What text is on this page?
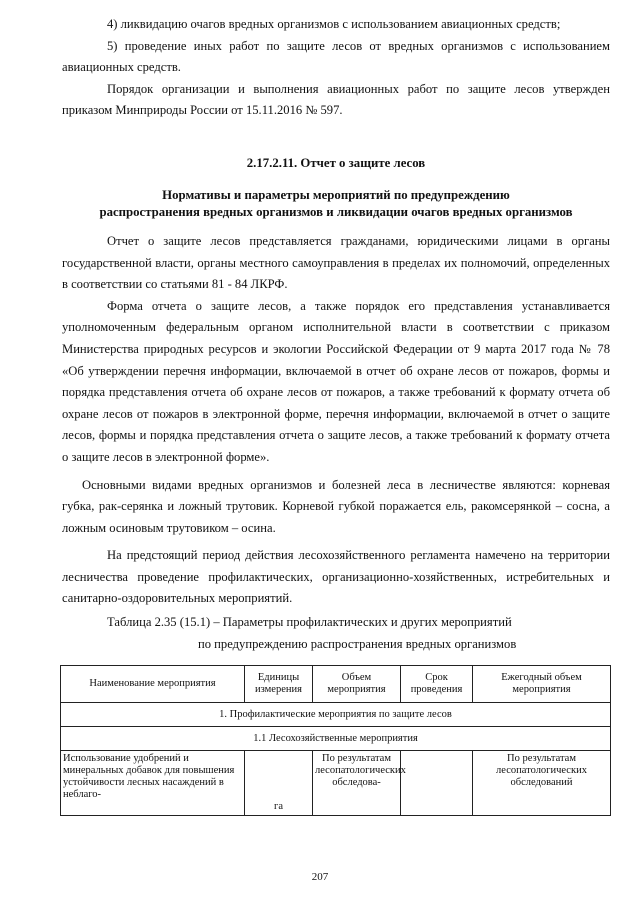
4) ликвидацию очагов вредных организмов с использованием авиационных средств;

5) проведение иных работ по защите лесов от вредных организмов с использованием авиационных средств.

Порядок организации и выполнения авиационных работ по защите лесов утвержден приказом Минприроды России от 15.11.2016 № 597.

2.17.2.11. Отчет о защите лесов

Нормативы и параметры мероприятий по предупреждению
распространения вредных организмов и ликвидации очагов вредных организмов

Отчет о защите лесов представляется гражданами, юридическими лицами в органы государственной власти, органы местного самоуправления в пределах их полномочий, определенных в соответствии со статьями 81 - 84 ЛКРФ.

Форма отчета о защите лесов, а также порядок его представления устанавливается уполномоченным федеральным органом исполнительной власти в соответствии с приказом Министерства природных ресурсов и экологии Российской Федерации от 9 марта 2017 года № 78 «Об утверждении перечня информации, включаемой в отчет об охране лесов от пожаров, формы и порядка представления отчета об охране лесов от пожаров, а также требований к формату отчета об охране лесов от пожаров в электронной форме, перечня информации, включаемой в отчет о защите лесов, формы и порядка представления отчета о защите лесов, а также требований к формату отчета о защите лесов в электронной форме».

Основными видами вредных организмов и болезней леса в лесничестве являются: корневая губка, рак-серянка и ложный трутовик. Корневой губкой поражается ель, ракомсерянкой – сосна, а ложным осиновым трутовиком – осина.

На предстоящий период действия лесохозяйственного регламента намечено на территории лесничества проведение профилактических, организационно-хозяйственных, истребительных и санитарно-оздоровительных мероприятий.

Таблица 2.35 (15.1) – Параметры профилактических и других мероприятий

по предупреждению распространения вредных организмов

Наименование мероприятия	Единицы измерения	Объем мероприятия	Срок проведения	Ежегодный объем мероприятия
1. Профилактические мероприятия по защите лесов				
1.1 Лесохозяйственные мероприятия				
Использование удобрений и минеральных добавок для повышения устойчивости лесных насаждений в неблаго-	га	По результатам лесопатологических обследова-		По результатам лесопатологических обследований
207
